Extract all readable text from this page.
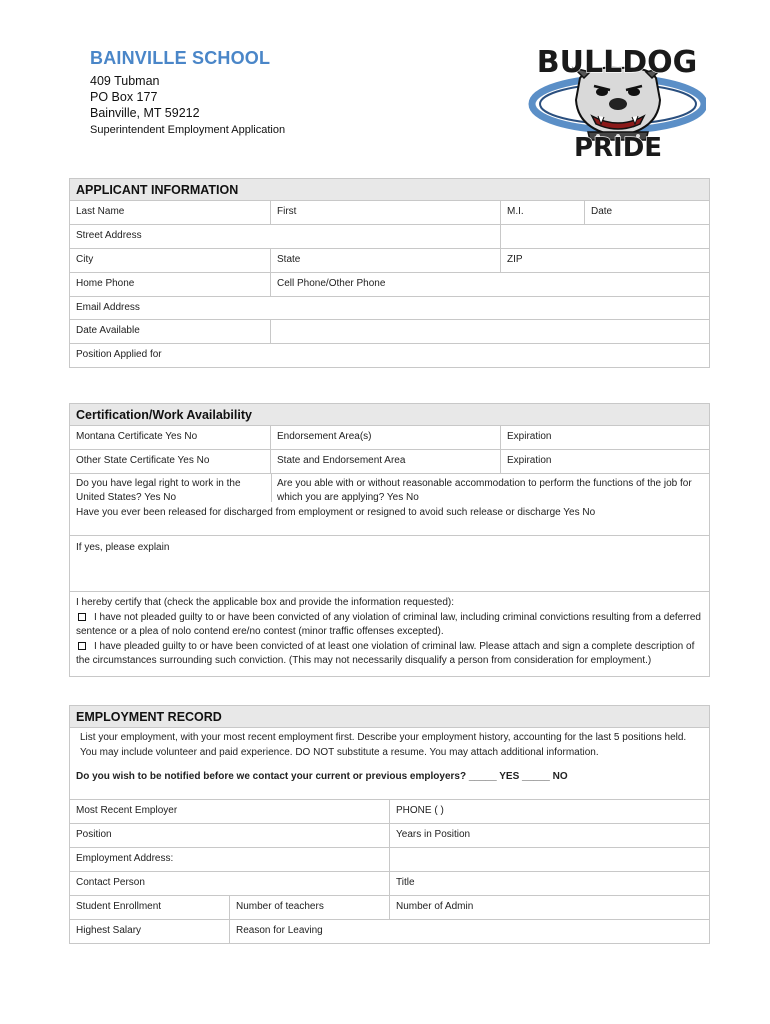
BAINVILLE SCHOOL
409 Tubman
PO Box 177
Bainville, MT 59212
Superintendent Employment Application
BULLDOG
PRIDE
APPLICANT INFORMATION
Last Name	First	M.I.	Date
Street Address
City	State	ZIP
Home Phone	Cell Phone/Other Phone
Email Address
Date Available
Position Applied for
Certification/Work Availability
Montana Certificate Yes No	Endorsement Area(s)	Expiration
Other State Certificate Yes No	State and Endorsement Area	Expiration
Do you have legal right to work in the United States? Yes No
Are you able with or without reasonable accommodation to perform the functions of the job for which you are applying? Yes No
Have you ever been released for discharged from employment or resigned to avoid such release or discharge Yes No
If yes, please explain
I hereby certify that (check the applicable box and provide the information requested):
I have not pleaded guilty to or have been convicted of any violation of criminal law, including criminal convictions resulting from a deferred sentence or a plea of nolo contend ere/no contest (minor traffic offenses excepted).
I have pleaded guilty to or have been convicted of at least one violation of criminal law. Please attach and sign a complete description of the circumstances surrounding such conviction. (This may not necessarily disqualify a person from consideration for employment.)
EMPLOYMENT RECORD
List your employment, with your most recent employment first. Describe your employment history, accounting for the last 5 positions held. You may include volunteer and paid experience. DO NOT substitute a resume. You may attach additional information.
Do you wish to be notified before we contact your current or previous employers? _____ YES _____ NO
Most Recent Employer	PHONE ( )
Position	Years in Position
Employment Address:
Contact Person	Title
Student Enrollment	Number of teachers	Number of Admin
Highest Salary	Reason for Leaving
